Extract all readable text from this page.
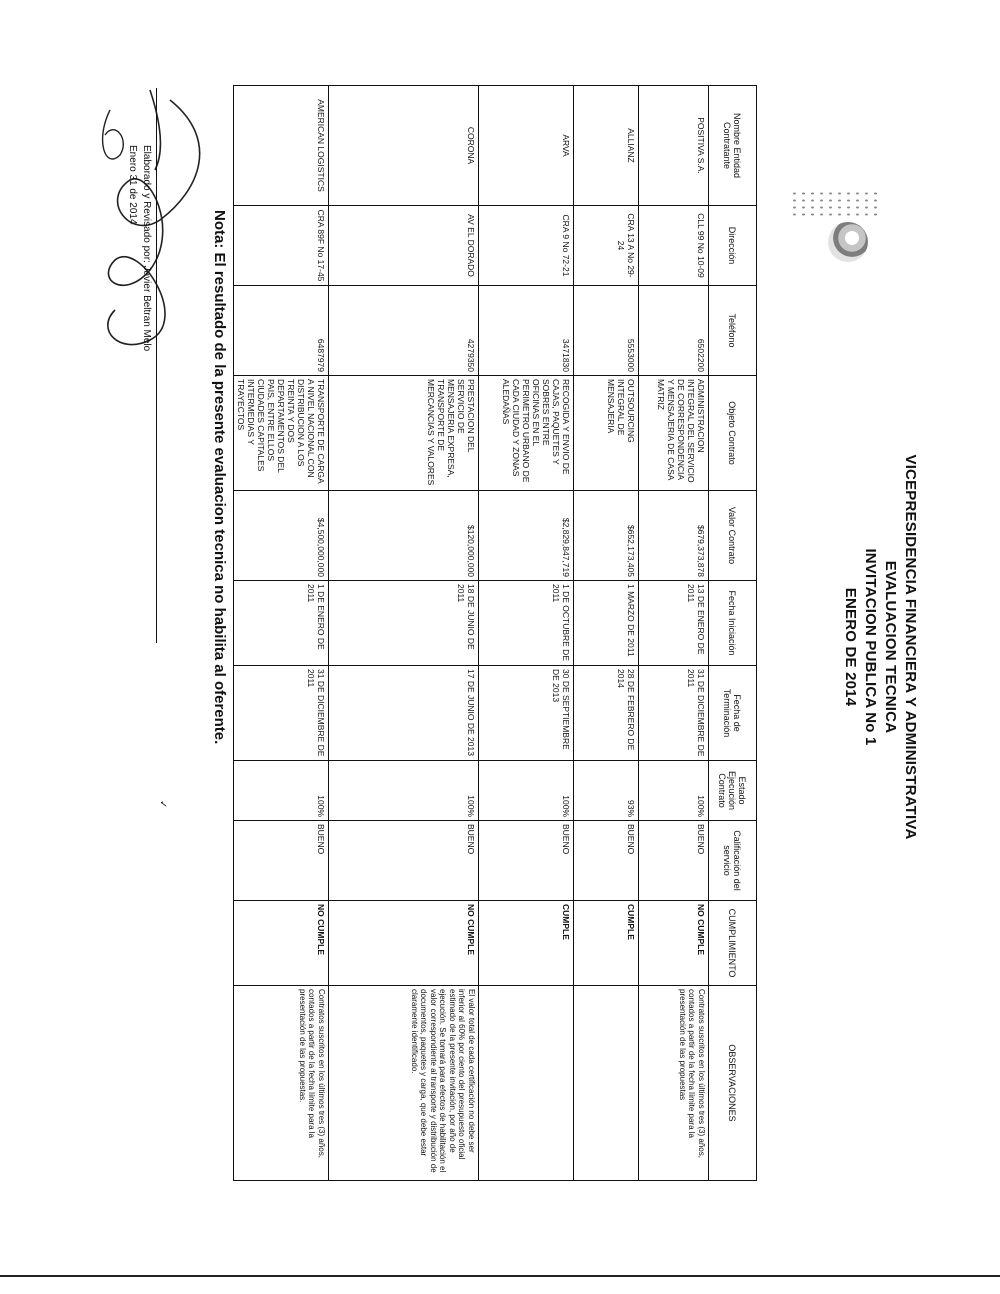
VICEPRESIDENCIA FINANCIERA Y ADMINISTRATIVA
EVALUACION TECNICA
INVITACION PUBLICA No 1
ENERO DE 2014
Nombre Entidad Contratante	Dirección	Teléfono	Objeto Contrato	Valor Contrato	Fecha Iniciación	Fecha de Terminación	Estado Ejecución Contrato	Calificación del servicio	CUMPLIMIENTO	OBSERVACIONES
POSITIVA S.A.	CLL 99 No 10-09	6502200	ADMINISTRACION INTEGRAL DEL SERVICIO DE CORRESPONDENCIA Y MENSAJERIA DE CASA MATRIZ	$679,373,878	13 DE ENERO DE 2011	31 DE DICIEMBRE DE 2011	100%	BUENO	NO CUMPLE	Contratos suscritos en los últimos tres (3) años, contados a partir de la fecha límite para la presentación de las propuestas
ALLIANZ	CRA 13 A No 29-24	5553000	OUTSOURCING INTEGRAL DE MENSAJERIA	$652,173,405	1 MARZO DE 2011	28 DE FEBRERO DE 2014	93%	BUENO	CUMPLE	
ARVA	CRA 9 No 72-21	3471830	RECOGIDA Y ENVIO DE CAJAS, PAQUETES Y SOBRES ENTRE OFICINAS EN EL PERIMETRO URBANO DE CADA CIUDAD Y ZONAS ALEDAÑAS	$2,829,847,719	1 DE OCTUBRE DE 2011	30 DE SEPTIEMBRE DE 2013	100%	BUENO	CUMPLE	
CORONA	AV EL DORADO	4279350	PRESTACION DEL SERVICIO DE MENSAJERIA EXPRESA, TRANSPORTE DE MERCANCIAS Y VALORES	$120,000,000	18 DE JUNIO DE 2011	17 DE JUNIO DE 2013	100%	BUENO	NO CUMPLE	El valor total de cada certificación no debe ser inferior al 60% por ciento del presupuesto oficial estimado de la presente invitación, por año de ejecución. Se tomará para efectos de habilitación el valor correspondiente al transporte y distribución de documentos, paquetes y carga, que debe estar claramente identificado.
AMERICAN LOGISTICS	CRA 89F No 17-45	6487979	TRANSPORTE DE CARGA A NIVEL NACIONAL CON DISTRIBUCION A LOS TREINTA Y DOS DEPARTAMENTOS DEL PAIS, ENTRE ELLOS CIUDADES CAPITALES INTERMEDIAS Y TRAYECTOS	$4,500,000,000	1 DE ENERO DE 2011	31 DE DICIEMBRE DE 2011	100%	BUENO	NO CUMPLE	Contratos suscritos en los últimos tres (3) años, contados a partir de la fecha límite para la presentación de las propuestas.
Nota: El resultado de la presente evaluacion tecnica no habilita al oferente.
Elaborado y Revisado por: Javier Beltran Melo
Enero 31 de 2014
✓
